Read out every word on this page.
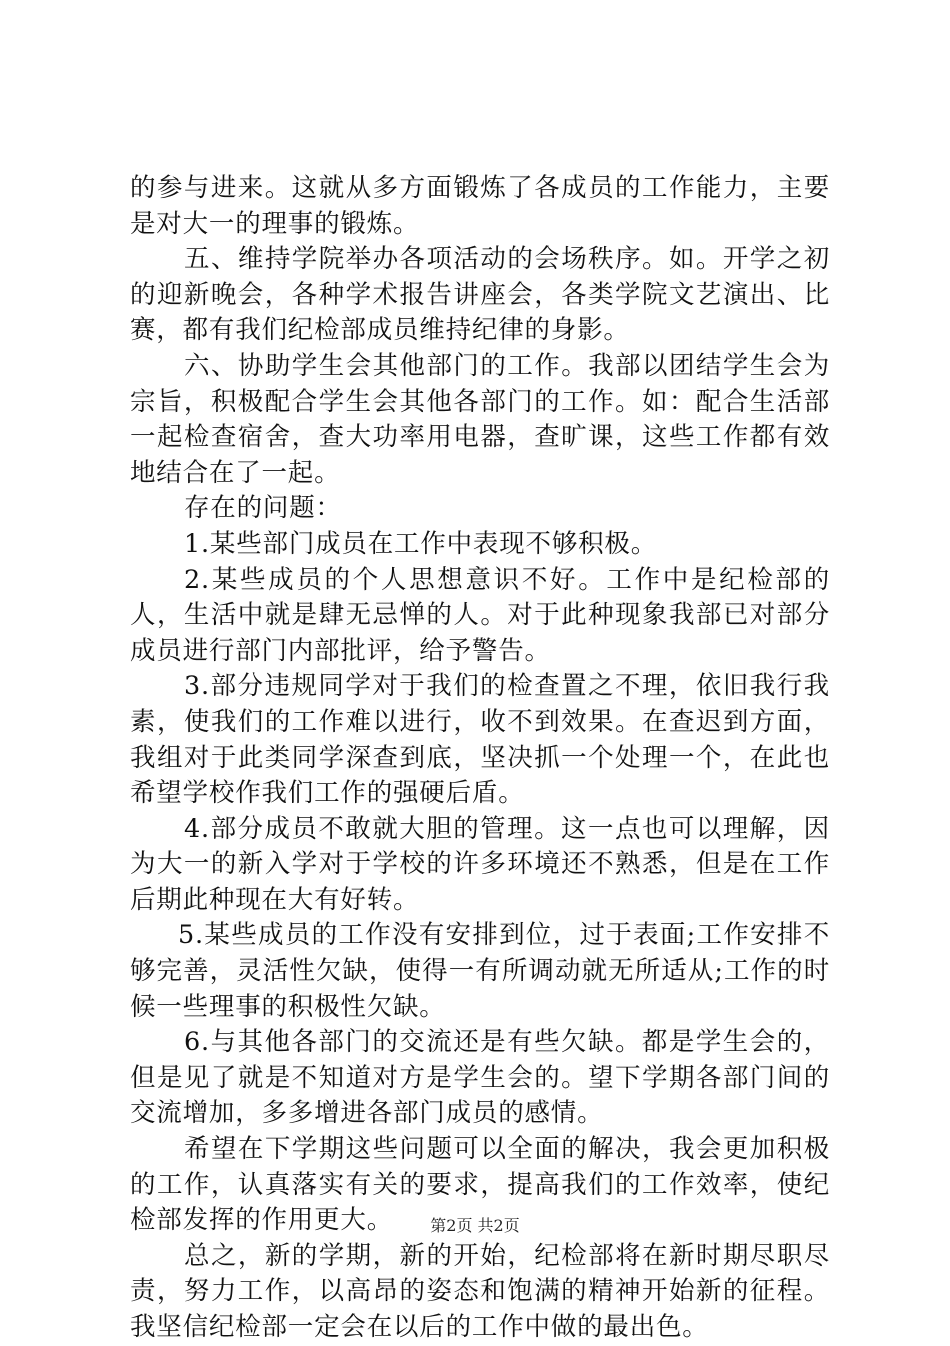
的参与进来。这就从多方面锻炼了各成员的工作能力，主要是对大一的理事的锻炼。

五、维持学院举办各项活动的会场秩序。如。开学之初的迎新晚会，各种学术报告讲座会，各类学院文艺演出、比赛，都有我们纪检部成员维持纪律的身影。

六、协助学生会其他部门的工作。我部以团结学生会为宗旨，积极配合学生会其他各部门的工作。如：配合生活部一起检查宿舍，查大功率用电器，查旷课，这些工作都有效地结合在了一起。

存在的问题：

1.某些部门成员在工作中表现不够积极。

2.某些成员的个人思想意识不好。工作中是纪检部的人，生活中就是肆无忌惮的人。对于此种现象我部已对部分成员进行部门内部批评，给予警告。

3.部分违规同学对于我们的检查置之不理，依旧我行我素，使我们的工作难以进行，收不到效果。在查迟到方面，我组对于此类同学深查到底，坚决抓一个处理一个，在此也希望学校作我们工作的强硬后盾。

4.部分成员不敢就大胆的管理。这一点也可以理解，因为大一的新入学对于学校的许多环境还不熟悉，但是在工作后期此种现在大有好转。

5.某些成员的工作没有安排到位，过于表面;工作安排不够完善，灵活性欠缺，使得一有所调动就无所适从;工作的时候一些理事的积极性欠缺。

6.与其他各部门的交流还是有些欠缺。都是学生会的，但是见了就是不知道对方是学生会的。望下学期各部门间的交流增加，多多增进各部门成员的感情。

希望在下学期这些问题可以全面的解决，我会更加积极的工作，认真落实有关的要求，提高我们的工作效率，使纪检部发挥的作用更大。

总之，新的学期，新的开始，纪检部将在新时期尽职尽责，努力工作，以高昂的姿态和饱满的精神开始新的征程。我坚信纪检部一定会在以后的工作中做的最出色。

第2页 共2页
